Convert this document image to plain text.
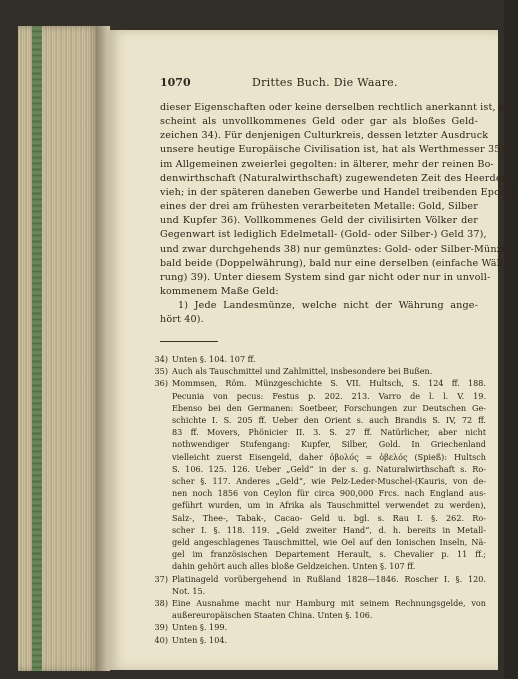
1070	Drittes Buch. Die Waare.
dieser Eigenschaften oder keine derselben rechtlich anerkannt ist, er-
scheint als unvollkommenes Geld oder gar als bloßes Geld-
zeichen 34). Für denjenigen Culturkreis, dessen letzter Ausdruck
unsere heutige Europäische Civilisation ist, hat als Werthmesser 35)
im Allgemeinen zweierlei gegolten: in älterer, mehr der reinen Bo-
denwirthschaft (Naturalwirthschaft) zugewendeten Zeit des Heerden-
vieh; in der späteren daneben Gewerbe und Handel treibenden Epoche
eines der drei am frühesten verarbeiteten Metalle: Gold, Silber
und Kupfer 36). Vollkommenes Geld der civilisirten Völker der
Gegenwart ist lediglich Edelmetall- (Gold- oder Silber-) Geld 37),
und zwar durchgehends 38) nur gemünztes: Gold- oder Silber-Münze,
bald beide (Doppelwährung), bald nur eine derselben (einfache Wäh-
rung) 39). Unter diesem System sind gar nicht oder nur in unvoll-
kommenem Maße Geld:
1) Jede Landesmünze, welche nicht der Währung ange-
hört 40).
34) Unten §. 104. 107 ff.
35) Auch als Tauschmittel und Zahlmittel, insbesondere bei Bußen.
36) Mommsen, Röm. Münzgeschichte S. VII. Hultsch, S. 124 ff. 188.
Pecunia von pecus: Festus p. 202. 213. Varro de l. l. V. 19.
Ebenso bei den Germanen: Soetbeer, Forschungen zur Deutschen Ge-
schichte I. S. 205 ff. Ueber den Orient s. auch Brandis S. IV, 72 ff.
83 ff. Movers, Phönicier II. 3. S. 27 ff. Natürlicher, aber nicht
nothwendiger Stufengang: Kupfer, Silber, Gold. In Griechenland
vielleicht zuerst Eisengeld, daher ὀβολός = ὀβελός (Spieß): Hultsch
S. 106. 125. 126. Ueber „Geld“ in der s. g. Naturalwirthschaft s. Ro-
scher §. 117. Anderes „Geld“, wie Pelz-Leder-Muschel-(Kauris, von de-
nen noch 1856 von Ceylon für circa 900,000 Frcs. nach England aus-
geführt wurden, um in Afrika als Tauschmittel verwendet zu werden),
Salz-, Thee-, Tabak-, Cacao- Geld u. bgl. s. Rau I. §. 262. Ro-
scher I. §. 118. 119. „Geld zweiter Hand“, d. h. bereits in Metall-
geld angeschlagenes Tauschmittel, wie Oel auf den Ionischen Inseln, Nä-
gel im französischen Departement Herault, s. Chevalier p. 11 ff.;
dahin gehört auch alles bloße Geldzeichen. Unten §. 107 ff.
37) Platinageld vorübergehend in Rußland 1828—1846. Roscher I. §. 120.
Not. 15.
38) Eine Ausnahme macht nur Hamburg mit seinem Rechnungsgelde, von
außereuropäischen Staaten China. Unten §. 106.
39) Unten §. 199.
40) Unten §. 104.
